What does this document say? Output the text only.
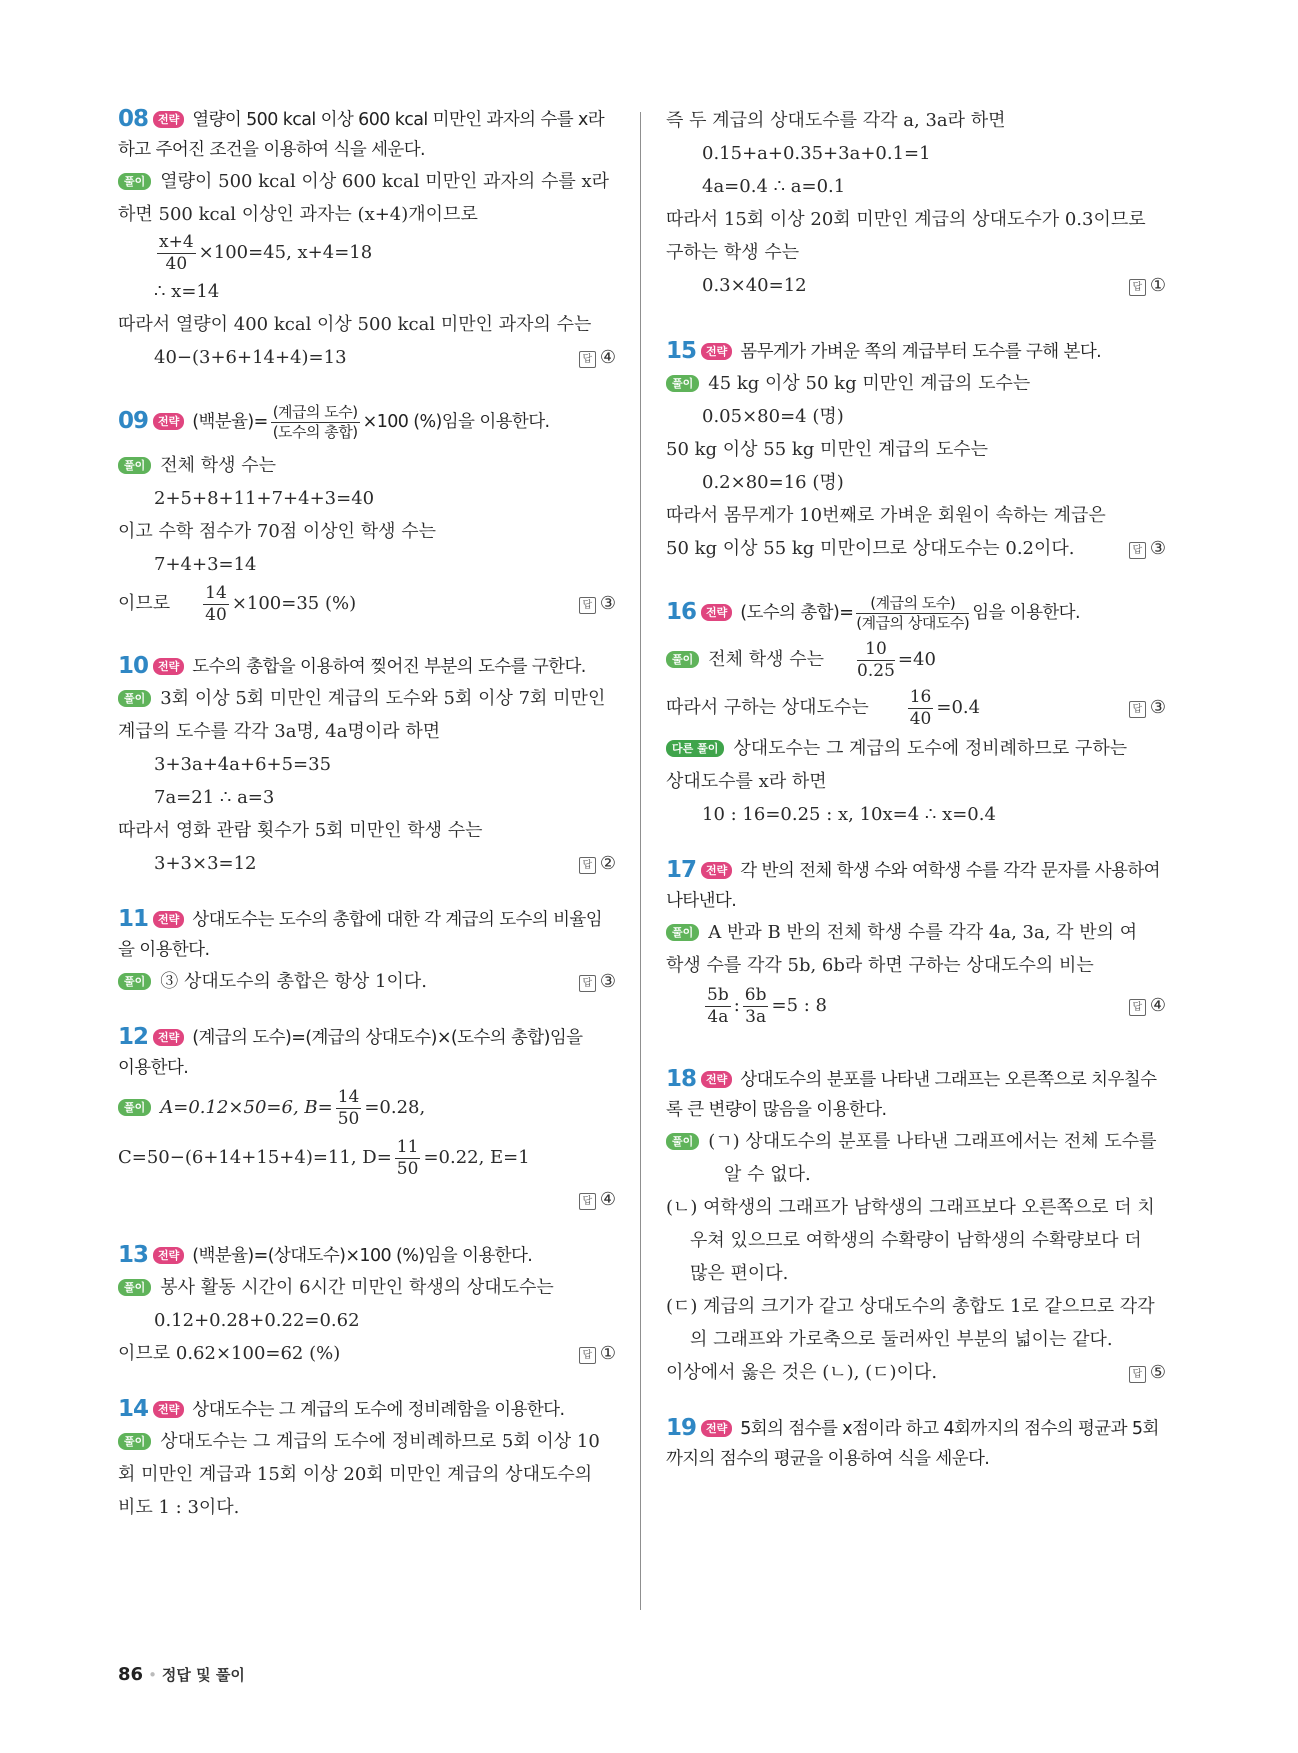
08 전략 열량이 500 kcal 이상 600 kcal 미만인 과자의 수를 x라
하고 주어진 조건을 이용하여 식을 세운다.
풀이 열량이 500 kcal 이상 600 kcal 미만인 과자의 수를 x라
하면 500 kcal 이상인 과자는 (x+4)개이므로
$\frac{x+4}{40} \times 100=45$, x+4=18
∴ x=14
따라서 열량이 400 kcal 이상 500 kcal 미만인 과자의 수는
40−(3+6+14+4)=13	답 ④
09 전략 (백분율)= $\frac{\text{(계급의 도수)}}{\text{(도수의 총합)}} \times 100$ (%)임을 이용한다.
풀이 전체 학생 수는
2+5+8+11+7+4+3=40
이고 수학 점수가 70점 이상인 학생 수는
7+4+3=14
이므로 $\frac{14}{40} \times 100=35$ (%)	답 ③
10 전략 도수의 총합을 이용하여 찢어진 부분의 도수를 구한다.
풀이 3회 이상 5회 미만인 계급의 도수와 5회 이상 7회 미만인
계급의 도수를 각각 3a명, 4a명이라 하면
3+3a+4a+6+5=35
7a=21 ∴ a=3
따라서 영화 관람 횟수가 5회 미만인 학생 수는
3+3×3=12	답 ②
11 전략 상대도수는 도수의 총합에 대한 각 계급의 도수의 비율임
을 이용한다.
풀이 ③ 상대도수의 총합은 항상 1이다.	답 ③
12 전략 (계급의 도수)=(계급의 상대도수)×(도수의 총합)임을
이용한다.
풀이 A=0.12×50=6, $B= \frac{14}{50} =0.28$,
C=50−(6+14+15+4)=11, $D= \frac{11}{50} =0.22$, E=1
답 ④

13 전략 (백분율)=(상대도수)×100 (%)임을 이용한다.
풀이 봉사 활동 시간이 6시간 미만인 학생의 상대도수는
0.12+0.28+0.22=0.62
이므로 0.62×100=62 (%)	답 ①
14 전략 상대도수는 그 계급의 도수에 정비례함을 이용한다.
풀이 상대도수는 그 계급의 도수에 정비례하므로 5회 이상 10
회 미만인 계급과 15회 이상 20회 미만인 계급의 상대도수의
비도 1 : 3이다.
즉 두 계급의 상대도수를 각각 a, 3a라 하면
0.15+a+0.35+3a+0.1=1
4a=0.4 ∴ a=0.1
따라서 15회 이상 20회 미만인 계급의 상대도수가 0.3이므로
구하는 학생 수는
0.3×40=12	답 ①
15 전략 몸무게가 가벼운 쪽의 계급부터 도수를 구해 본다.
풀이 45 kg 이상 50 kg 미만인 계급의 도수는
0.05×80=4 (명)
50 kg 이상 55 kg 미만인 계급의 도수는
0.2×80=16 (명)
따라서 몸무게가 10번째로 가벼운 회원이 속하는 계급은
50 kg 이상 55 kg 미만이므로 상대도수는 0.2이다.	답 ③
16 전략 (도수의 총합)= $\frac{\text{(계급의 도수)}}{\text{(계급의 상대도수)}}$ 임을 이용한다.
풀이 전체 학생 수는 $\frac{10}{0.25} =40$
따라서 구하는 상대도수는 $\frac{16}{40} =0.4$	답 ③
다른 풀이 상대도수는 그 계급의 도수에 정비례하므로 구하는
상대도수를 x라 하면
10 : 16=0.25 : x, 10x=4 ∴ x=0.4
17 전략 각 반의 전체 학생 수와 여학생 수를 각각 문자를 사용하여
나타낸다.
풀이 A 반과 B 반의 전체 학생 수를 각각 4a, 3a, 각 반의 여
학생 수를 각각 5b, 6b라 하면 구하는 상대도수의 비는
$\frac{5b}{4a}$ : $\frac{6b}{3a} =5$ : 8	답 ④
18 전략 상대도수의 분포를 나타낸 그래프는 오른쪽으로 치우칠수
록 큰 변량이 많음을 이용한다.
풀이 (ㄱ) 상대도수의 분포를 나타낸 그래프에서는 전체 도수를
알 수 없다.
(ㄴ) 여학생의 그래프가 남학생의 그래프보다 오른쪽으로 더 치
우쳐 있으므로 여학생의 수확량이 남학생의 수확량보다 더
많은 편이다.
(ㄷ) 계급의 크기가 같고 상대도수의 총합도 1로 같으므로 각각
의 그래프와 가로축으로 둘러싸인 부분의 넓이는 같다.
이상에서 옳은 것은 (ㄴ), (ㄷ)이다.	답 ⑤
19 전략 5회의 점수를 x점이라 하고 4회까지의 점수의 평균과 5회
까지의 점수의 평균을 이용하여 식을 세운다.
86 • 정답 및 풀이
